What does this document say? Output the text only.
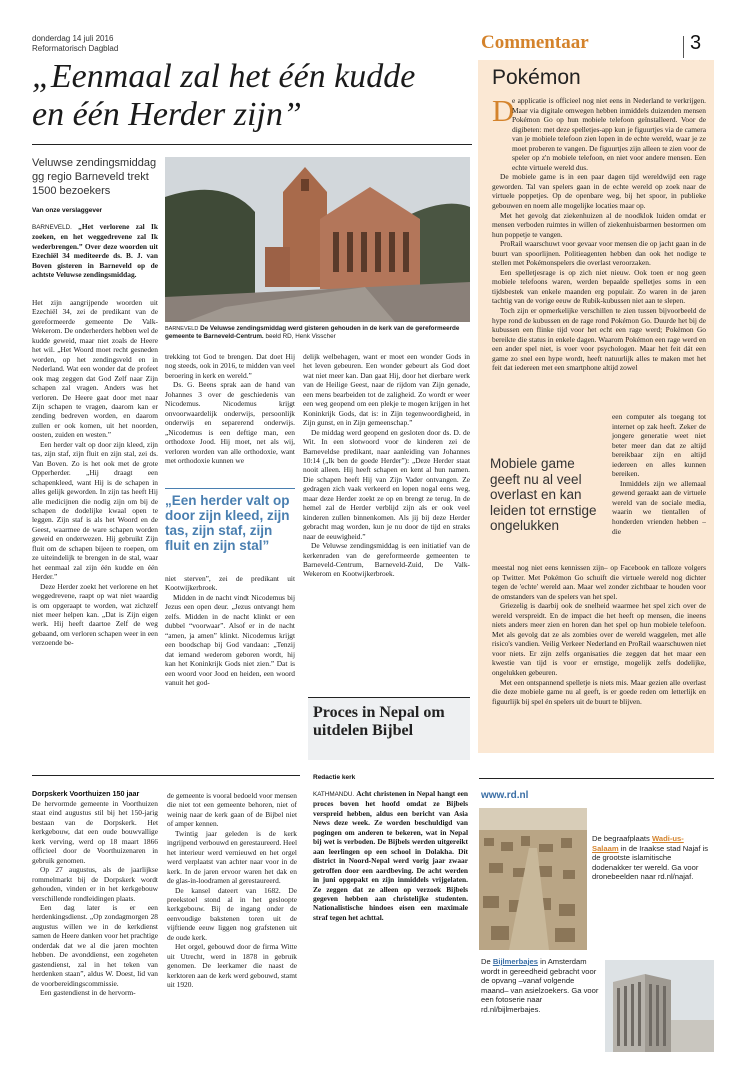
donderdag 14 juli 2016
Reformatorisch Dagblad	Commentaar	3
„Eenmaal zal het één kudde en één Herder zijn”
Veluwse zendingsmiddag gg regio Barneveld trekt 1500 bezoekers
Van onze verslaggever

BARNEVELD. „Het verlorene zal Ik zoeken, en het weggedrevene zal Ik wederbrengen.” Over deze woorden uit Ezechiël 34 mediteerde ds. B. J. van Boven gisteren in Barneveld op de achtste Veluwse zendingsmiddag.

Het zijn aangrijpende woorden uit Ezechiël 34, zei de predikant van de gereformeerde gemeente De Valk-Wekerom. De onderherders hebben wel de kudde geweid, maar niet zoals de Heere het wil. „Het Woord moet recht gesneden worden, op het zendingsveld en in Nederland. Wat een wonder dat de profeet ook mag zeggen dat God Zelf naar Zijn schapen zal vragen. Anders was het verloren. De Heere gaat door met naar Zijn schapen te vragen, daarom kan er zending bedreven worden, en daarom zullen er ook komen, uit het noorden, oosten, zuiden en westen.”

Een herder valt op door zijn kleed, zijn tas, zijn staf, zijn fluit en zijn stal, zei ds. Van Boven. Zo is het ook met de grote Opperherder. „Hij draagt een schapenkleed, want Hij is de schapen in alles gelijk geworden. In zijn tas heeft Hij alle medicijnen die nodig zijn om bij de schapen de dodelijke kwaal open te leggen. Zijn staf is als het Woord en de Geest, waarmee de ware schapen worden geweid en onderwezen. Hij gebruikt Zijn fluit om de schapen bijeen te roepen, om ze uiteindelijk te brengen in de stal, waar het eenmaal zal zijn één kudde en één Herder.”

Deze Herder zoekt het verlorene en het weggedrevene, raapt op wat niet waardig is om opgeraapt te worden, wat zichzelf niet meer helpen kan. „Dat is Zijn eigen werk. Hij heeft daartoe Zelf de weg gebaand, om verloren schapen weer in een verzoende be-

BARNEVELD De Veluwse zendingsmiddag werd gisteren gehouden in de kerk van de gereformeerde gemeente te Barneveld-Centrum. beeld RD, Henk Visscher

trekking tot God te brengen. Dat doet Hij nog steeds, ook in 2016, te midden van veel beroering in kerk en wereld.”

Ds. G. Beens sprak aan de hand van Johannes 3 over de geschiedenis van Nicodemus. Nicodemus krijgt onvoorwaardelijk onderwijs, persoonlijk onderwijs en separerend onderwijs. „Nicodemus is een deftige man, een orthodoxe Jood. Hij moet, net als wij, verloren worden van alle orthodoxie, want met orthodoxie kunnen we

„Een herder valt op door zijn kleed, zijn tas, zijn staf, zijn fluit en zijn stal”

niet sterven”, zei de predikant uit Kootwijkerbroek.

Midden in de nacht vindt Nicodemus bij Jezus een open deur. „Jezus ontvangt hem zelfs. Midden in de nacht klinkt er een dubbel “voorwaar”. Alsof er in de nacht “amen, ja amen” klinkt. Nicodemus krijgt een boodschap bij God vandaan: „Tenzij dat iemand wederom geboren wordt, hij kan het Koninkrijk Gods niet zien.” Dat is een woord voor Jood en heiden, een woord vanuit het god-

delijk welbehagen, want er moet een wonder Gods in het leven gebeuren. Een wonder gebeurt als God doet wat niet meer kan. Dan gaat Hij, door het dierbare werk van de Heilige Geest, naar de rijdom van Zijn genade, een mens bearbeiden tot de zaligheid. Zo wordt er weer een weg geopend om een plekje te mogen krijgen in het Koninkrijk Gods, dat is: in Zijn tegenwoordigheid, in Zijn gunst, en in Zijn gemeenschap.”

De middag werd geopend en gesloten door ds. D. de Wit. In een slotwoord voor de kinderen zei de Barneveldse predikant, naar aanleiding van Johannes 10:14 („Ik ben de goede Herder”): „Deze Herder staat nooit alleen. Hij heeft schapen en kent al hun namen. Die schapen heeft Hij van Zijn Vader ontvangen. Ze gedragen zich vaak verkeerd en lopen nogal eens weg, maar deze Herder zoekt ze op en brengt ze terug. In de hemel zal de Herder verblijd zijn als er ook veel kinderen zullen binnenkomen. Als jij bij deze Herder gebracht mag worden, kun je nu door de tijd en straks naar de eeuwigheid.”

De Veluwse zendingsmiddag is een initiatief van de kerkenraden van de gereformeerde gemeenten te Barneveld-Centrum, Barneveld-Zuid, De Valk-Wekerom en Kootwijkerbroek.

Proces in Nepal om uitdelen Bijbel
Redactie kerk

KATHMANDU. Acht christenen in Nepal hangt een proces boven het hoofd omdat ze Bijbels verspreid hebben, aldus een bericht van Asia News deze week. Ze worden beschuldigd van pogingen om anderen te bekeren, wat in Nepal bij wet is verboden. De Bijbels werden uitgereikt aan leerlingen op een school in Dolakha. Dit district in Noord-Nepal werd vorig jaar zwaar getroffen door een aardbeving. De acht werden in juni opgepakt en zijn inmiddels vrijgelaten. Ze zeggen dat ze alleen op verzoek Bijbels gegeven hebben aan christelijke studenten. Nationalistische hindoes eisen een maximale straf tegen het achttal.

Dorpskerk Voorthuizen 150 jaar

De hervormde gemeente in Voorthuizen staat eind augustus stil bij het 150-jarig bestaan van de Dorpskerk. Het kerkgebouw, dat een oude bouwvallige kerk verving, werd op 18 maart 1866 officieel door de Voorthuizenaren in gebruik genomen.

Op 27 augustus, als de jaarlijkse rommelmarkt bij de Dorpskerk wordt gehouden, vinden er in het kerkgebouw verschillende rondleidingen plaats.

Een dag later is er een herdenkingsdienst. „Op zondagmorgen 28 augustus willen we in de kerkdienst samen de Heere danken voor het prachtige onderdak dat we al die jaren mochten hebben. De avonddienst, een zogeheten gastendienst, zal in het teken van herdenken staan”, aldus W. Doest, lid van de voorbereidingscommissie.

Een gastendienst in de hervorm-

de gemeente is vooral bedoeld voor mensen die niet tot een gemeente behoren, niet of weinig naar de kerk gaan of de Bijbel niet of amper kennen.

Twintig jaar geleden is de kerk ingrijpend verbouwd en gerestaureerd. Heel het interieur werd vernieuwd en het orgel werd verplaatst van achter naar voor in de kerk. In de jaren ervoor waren het dak en de glas-in-loodramen al gerestaureerd.

De kansel dateert van 1682. De preekstoel stond al in het gesloopte kerkgebouw. Bij de ingang onder de eenvoudige bakstenen toren uit de vijftiende eeuw liggen nog grafstenen uit de oude kerk.

Het orgel, gebouwd door de firma Witte uit Utrecht, werd in 1878 in gebruik genomen. De leerkamer die naast de kerktoren aan de kerk werd gebouwd, stamt uit 1920.

Pokémon
D

e applicatie is officieel nog niet eens in Nederland te verkrijgen. Maar via digitale omwegen hebben inmiddels duizenden mensen Pokémon Go op hun mobiele telefoon geïnstalleerd. Voor de digibeten: met deze spelletjes-app kun je figuurtjes via de camera van je mobiele telefoon zien lopen in de echte wereld, waar je ze moet proberen te vangen. De figuurtjes zijn alleen te zien voor de speler op z'n mobiele telefoon, en niet voor andere mensen. Een echte virtuele wereld dus.

De mobiele game is in een paar dagen tijd wereldwijd een rage geworden. Tal van spelers gaan in de echte wereld op zoek naar de virtuele poppetjes. Op de openbare weg, bij het spoor, in publieke gebouwen en noem alle mogelijke locaties maar op.

Met het gevolg dat ziekenhuizen al de noodklok luiden omdat er mensen verboden ruimtes in willen of ziekenhuisbarmen bestormen om hun poppetje te vangen.

ProRail waarschuwt voor gevaar voor mensen die op jacht gaan in de buurt van spoorlijnen. Politieagenten hebben dan ook het nodige te stellen met Pokémonspelers die overlast veroorzaken.

Een spelletjesrage is op zich niet nieuw. Ook toen er nog geen mobiele telefoons waren, werden bepaalde spelletjes soms in een tijdsbestek van enkele maanden erg populair. Zo waren in de jaren tachtig van de vorige eeuw de Rubik-kubussen niet aan te slepen.

Toch zijn er opmerkelijke verschillen te zien tussen bijvoorbeeld de hype rond de kubussen en de rage rond Pokémon Go. Duurde het bij de kubussen een flinke tijd voor het echt een rage werd; Pokémon Go bereikte die status in enkele dagen. Waarom Pokémon een rage werd en een ander spel niet, is voer voor psychologen. Maar het feit dát een game zo snel een hype wordt, heeft natuurlijk alles te maken met het feit dat iedereen met een smartphone altijd zowel

Mobiele game geeft nu al veel overlast en kan leiden tot ernstige ongelukken

een computer als toegang tot internet op zak heeft. Zeker de jongere generatie weet niet beter meer dan dat ze altijd bereikbaar zijn en altijd iedereen en alles kunnen bereiken.

Inmiddels zijn we allemaal gewend geraakt aan de virtuele wereld van de sociale media, waarin we tientallen of honderden vrienden hebben –die

meestal nog niet eens kennissen zijn– op Facebook en talloze volgers op Twitter. Met Pokémon Go schuift die virtuele wereld nog dichter tegen de 'echte' wereld aan. Maar wel zonder zichtbaar te houden voor de omstanders van de spelers van het spel.

Griezelig is daarbij ook de snelheid waarmee het spel zich over de wereld verspreidt. En de impact die het heeft op mensen, die ineens niets anders meer zien en horen dan het spel op hun mobiele telefoon. Met als gevolg dat ze als zombies over de wereld waggelen, met alle risico's vandien. Veilig Verkeer Nederland en ProRail waarschuwen niet voor niets. Er zijn zelfs organisaties die zeggen dat het maar een kwestie van tijd is voor er ernstige, mogelijk zelfs dodelijke, ongelukken gebeuren.

Met een ontspannend spelletje is niets mis. Maar gezien alle overlast die deze mobiele game nu al geeft, is er goede reden om letterlijk en figuurlijk bij spel én spelers uit de buurt te blijven.

www.rd.nl
De begraafplaats Wadi-us-Salaam in de Iraakse stad Najaf is de grootste islamitische dodenakker ter wereld. Ga voor dronebeelden naar rd.nl/najaf.
De Bijlmerbajes in Amsterdam wordt in gereedheid gebracht voor de opvang –vanaf volgende maand– van asielzoekers. Ga voor een fotoserie naar rd.nl/bijlmerbajes.
